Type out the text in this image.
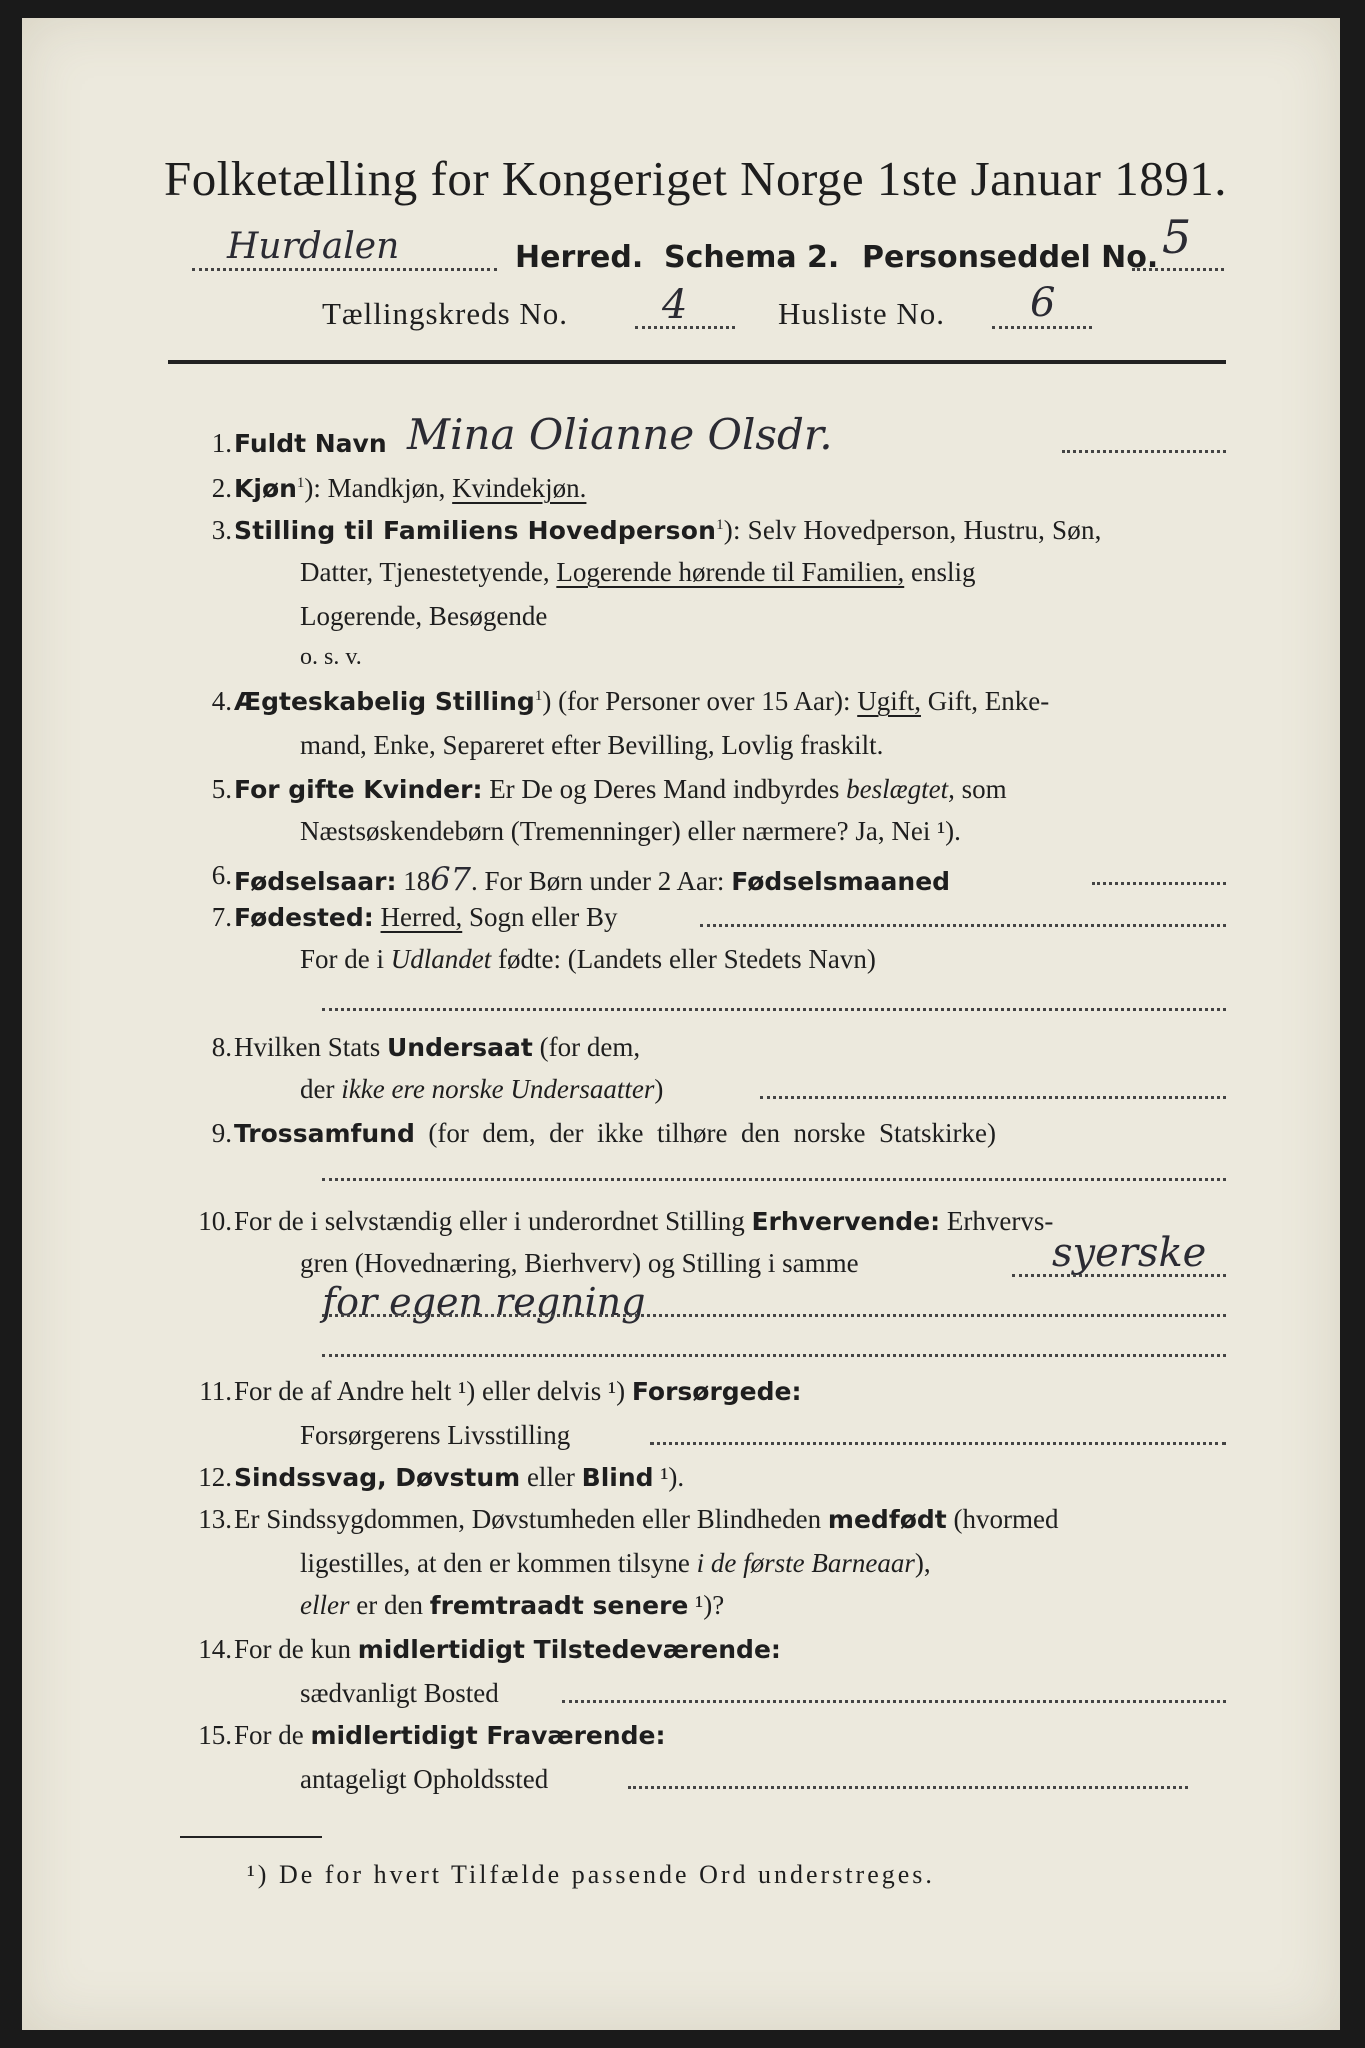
Folketælling for Kongeriget Norge 1ste Januar 1891.
Hurdalen	Herred. Schema 2. Personseddel No. 5
Tællingskreds No. 4	Husliste No. 6
1. Fuldt Navn Mina Olianne Olsdr.
2. Kjøn$^1$): Mandkjøn, Kvindekjøn.
3. Stilling til Familiens Hovedperson$^1$): Selv Hovedperson, Hustru, Søn,
Datter, Tjenestetyende, Logerende hørende til Familien, enslig
Logerende, Besøgende
o. s. v.
4. Ægteskabelig Stilling$^1$) (for Personer over 15 Aar): Ugift, Gift, Enke-
mand, Enke, Separeret efter Bevilling, Lovlig fraskilt.
5. For gifte Kvinder: Er De og Deres Mand indbyrdes beslægtet, som
Næstsøskendebørn (Tremenninger) eller nærmere? Ja, Nei ¹).
6. Fødselsaar: 1867. For Børn under 2 Aar: Fødselsmaaned
7. Fødested: Herred, Sogn eller By
For de i Udlandet fødte: (Landets eller Stedets Navn)
8. Hvilken Stats Undersaat (for dem,
der ikke ere norske Undersaatter)
9. Trossamfund  (for  dem,  der  ikke  tilhøre  den  norske  Statskirke)
10. For de i selvstændig eller i underordnet Stilling Erhvervende: Erhvervs-
gren (Hovednæring, Bierhverv) og Stilling i samme	syerske
for egen regning
11. For de af Andre helt ¹) eller delvis ¹) Forsørgede:
Forsørgerens Livsstilling
12. Sindssvag, Døvstum eller Blind ¹).
13. Er Sindssygdommen, Døvstumheden eller Blindheden medfødt (hvormed
ligestilles, at den er kommen tilsyne i de første Barneaar),
eller er den fremtraadt senere ¹)?
14. For de kun midlertidigt Tilstedeværende:
sædvanligt Bosted
15. For de midlertidigt Fraværende:
antageligt Opholdssted
¹) De for hvert Tilfælde passende Ord understreges.
